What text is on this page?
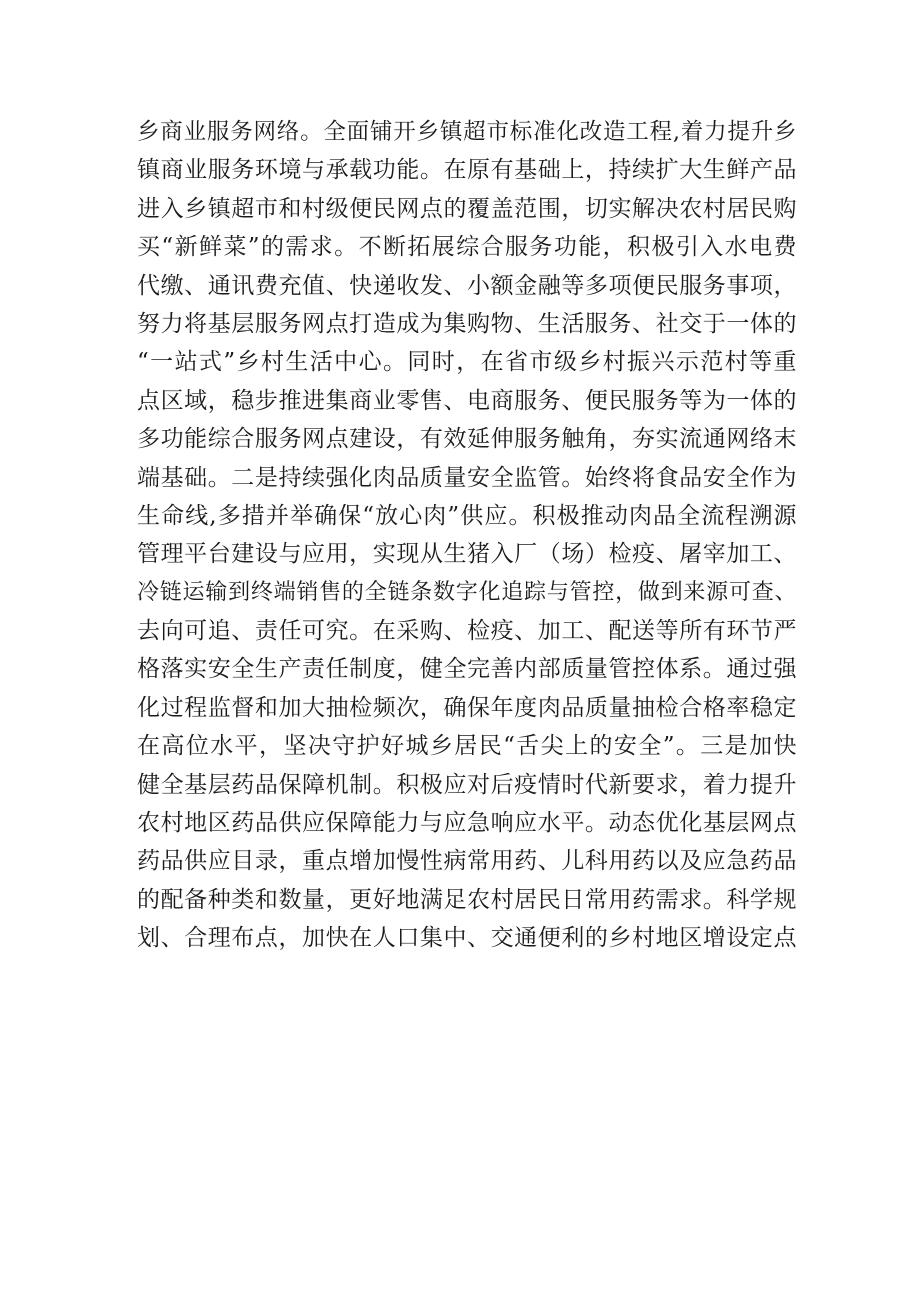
乡商业服务网络。全面铺开乡镇超市标准化改造工程,着力提升乡
镇商业服务环境与承载功能。在原有基础上，持续扩大生鲜产品
进入乡镇超市和村级便民网点的覆盖范围，切实解决农村居民购
买“新鲜菜”的需求。不断拓展综合服务功能，积极引入水电费
代缴、通讯费充值、快递收发、小额金融等多项便民服务事项，
努力将基层服务网点打造成为集购物、生活服务、社交于一体的
“一站式”乡村生活中心。同时，在省市级乡村振兴示范村等重
点区域，稳步推进集商业零售、电商服务、便民服务等为一体的
多功能综合服务网点建设，有效延伸服务触角，夯实流通网络末
端基础。二是持续强化肉品质量安全监管。始终将食品安全作为
生命线,多措并举确保“放心肉”供应。积极推动肉品全流程溯源
管理平台建设与应用，实现从生猪入厂（场）检疫、屠宰加工、
冷链运输到终端销售的全链条数字化追踪与管控，做到来源可查、
去向可追、责任可究。在采购、检疫、加工、配送等所有环节严
格落实安全生产责任制度，健全完善内部质量管控体系。通过强
化过程监督和加大抽检频次，确保年度肉品质量抽检合格率稳定
在高位水平，坚决守护好城乡居民“舌尖上的安全”。三是加快
健全基层药品保障机制。积极应对后疫情时代新要求，着力提升
农村地区药品供应保障能力与应急响应水平。动态优化基层网点
药品供应目录，重点增加慢性病常用药、儿科用药以及应急药品
的配备种类和数量，更好地满足农村居民日常用药需求。科学规
划、合理布点，加快在人口集中、交通便利的乡村地区增设定点
